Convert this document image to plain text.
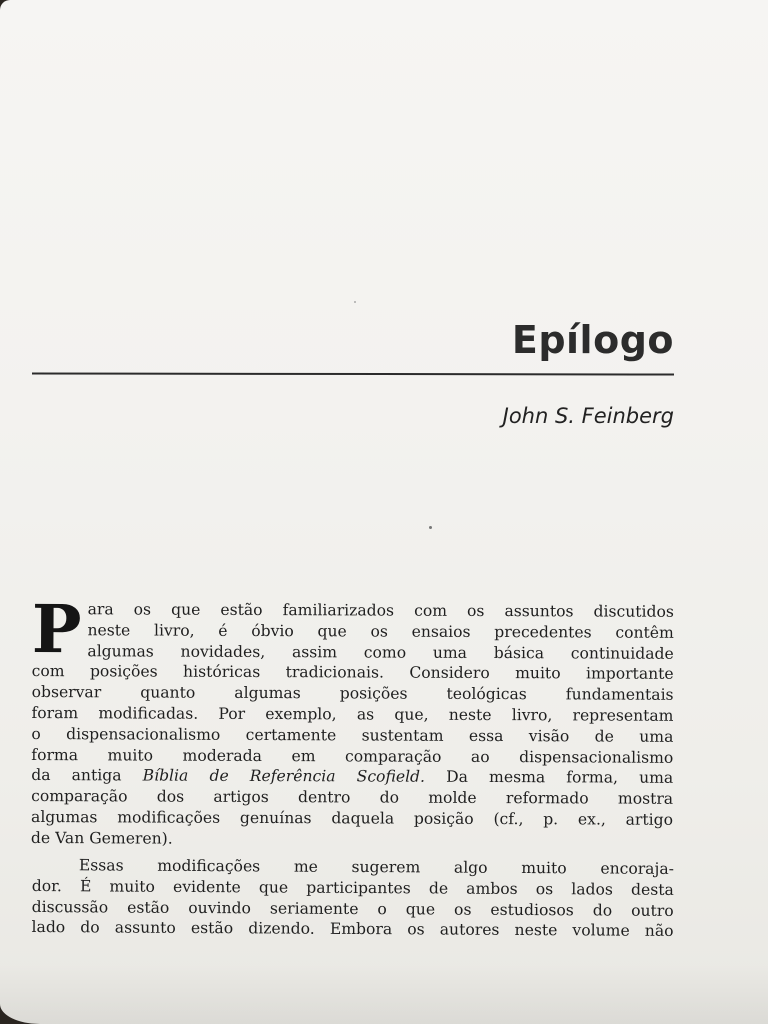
Epílogo

John S. Feinberg

P ara os que estão familiarizados com os assuntos discutidos
neste livro, é óbvio que os ensaios precedentes contêm
algumas novidades, assim como uma básica continuidade
com posições históricas tradicionais. Considero muito importante
observar quanto algumas posições teológicas fundamentais
foram modificadas. Por exemplo, as que, neste livro, representam
o dispensacionalismo certamente sustentam essa visão de uma
forma muito moderada em comparação ao dispensacionalismo
da antiga Bíblia de Referência Scofield. Da mesma forma, uma
comparação dos artigos dentro do molde reformado mostra
algumas modificações genuínas daquela posição (cf., p. ex., artigo
de Van Gemeren).
Essas modificações me sugerem algo muito encoraja-
dor. É muito evidente que participantes de ambos os lados desta
discussão estão ouvindo seriamente o que os estudiosos do outro
lado do assunto estão dizendo. Embora os autores neste volume não
